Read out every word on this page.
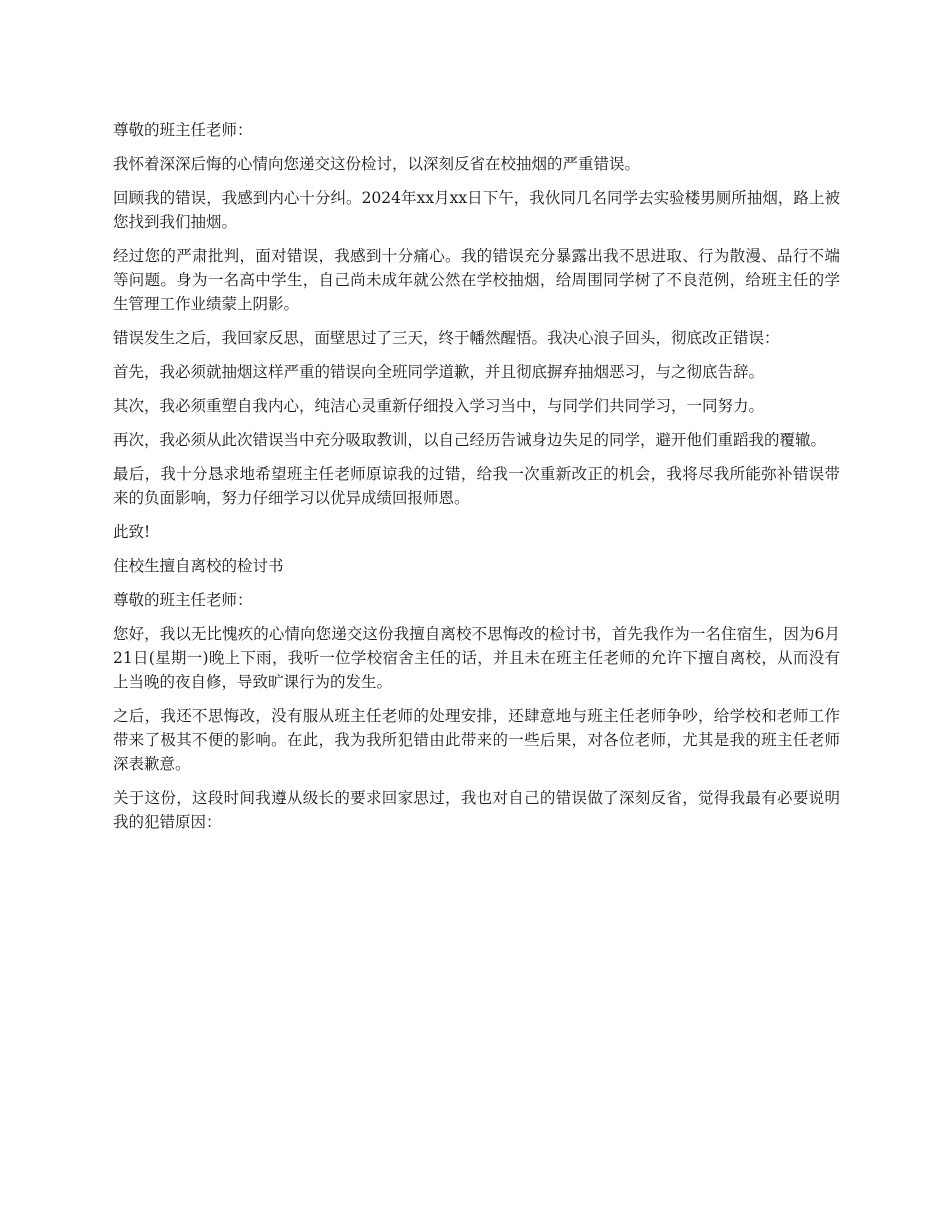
尊敬的班主任老师：

我怀着深深后悔的心情向您递交这份检讨，以深刻反省在校抽烟的严重错误。

回顾我的错误，我感到内心十分纠。2024年xx月xx日下午，我伙同几名同学去实验楼男厕所抽烟，路上被您找到我们抽烟。

经过您的严肃批判，面对错误，我感到十分痛心。我的错误充分暴露出我不思进取、行为散漫、品行不端等问题。身为一名高中学生，自己尚未成年就公然在学校抽烟，给周围同学树了不良范例，给班主任的学生管理工作业绩蒙上阴影。

错误发生之后，我回家反思，面壁思过了三天，终于幡然醒悟。我决心浪子回头，彻底改正错误：

首先，我必须就抽烟这样严重的错误向全班同学道歉，并且彻底摒弃抽烟恶习，与之彻底告辞。

其次，我必须重塑自我内心，纯洁心灵重新仔细投入学习当中，与同学们共同学习，一同努力。

再次，我必须从此次错误当中充分吸取教训，以自己经历告诫身边失足的同学，避开他们重蹈我的覆辙。

最后，我十分恳求地希望班主任老师原谅我的过错，给我一次重新改正的机会，我将尽我所能弥补错误带来的负面影响，努力仔细学习以优异成绩回报师恩。

此致!

住校生擅自离校的检讨书

尊敬的班主任老师：

您好，我以无比愧疚的心情向您递交这份我擅自离校不思悔改的检讨书，首先我作为一名住宿生，因为6月21日(星期一)晚上下雨，我听一位学校宿舍主任的话，并且未在班主任老师的允许下擅自离校，从而没有上当晚的夜自修，导致旷课行为的发生。

之后，我还不思悔改，没有服从班主任老师的处理安排，还肆意地与班主任老师争吵，给学校和老师工作带来了极其不便的影响。在此，我为我所犯错由此带来的一些后果，对各位老师，尤其是我的班主任老师深表歉意。

关于这份，这段时间我遵从级长的要求回家思过，我也对自己的错误做了深刻反省，觉得我最有必要说明我的犯错原因：
